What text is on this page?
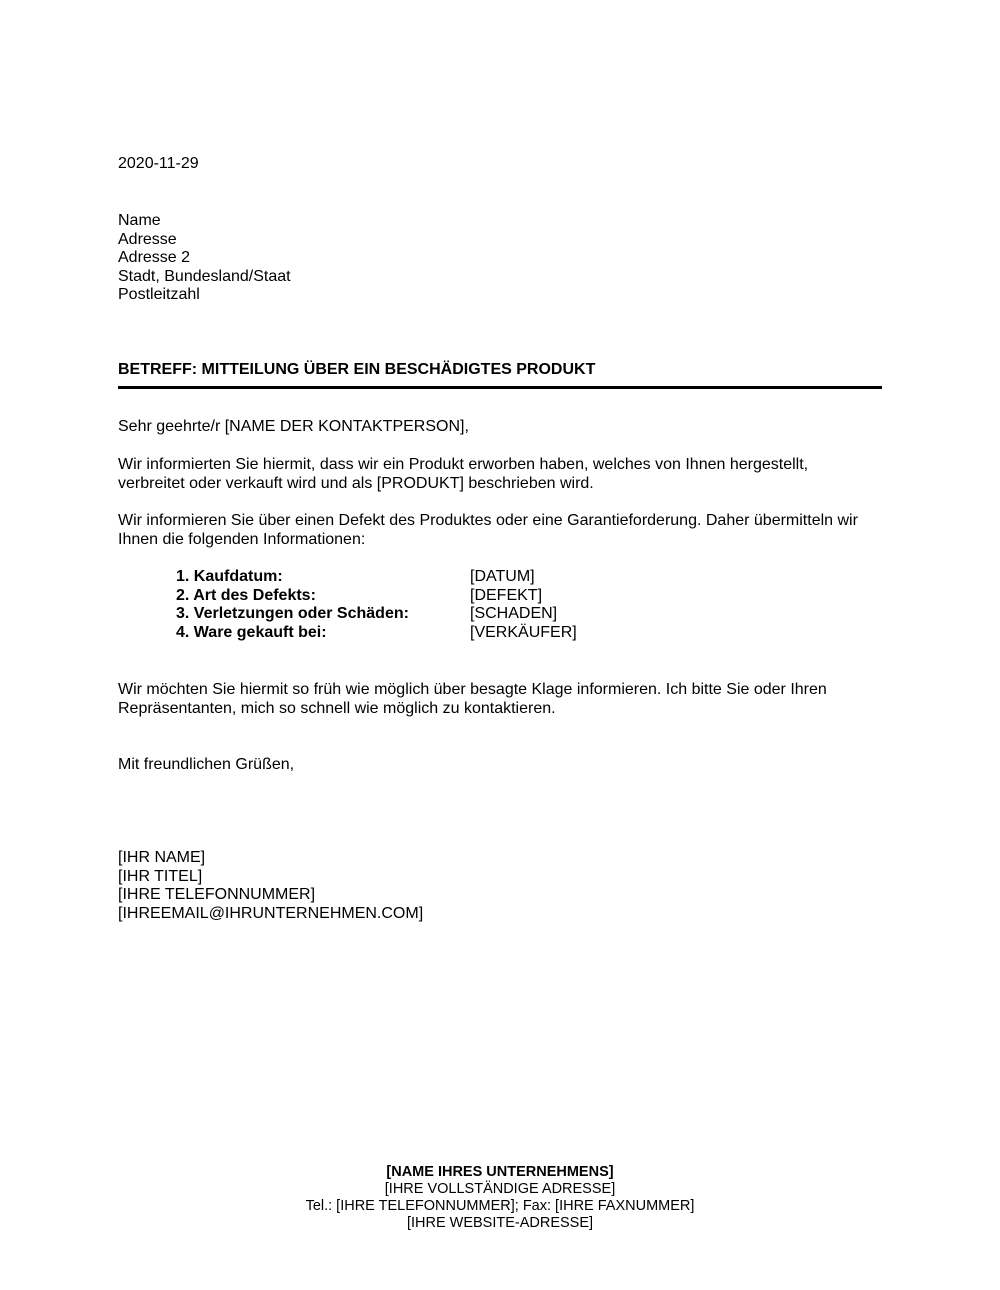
2020-11-29
Name
Adresse
Adresse 2
Stadt, Bundesland/Staat
Postleitzahl
BETREFF: MITTEILUNG ÜBER EIN BESCHÄDIGTES PRODUKT
Sehr geehrte/r [NAME DER KONTAKTPERSON],
Wir informierten Sie hiermit, dass wir ein Produkt erworben haben, welches von Ihnen hergestellt,
verbreitet oder verkauft wird und als [PRODUKT] beschrieben wird.
Wir informieren Sie über einen Defekt des Produktes oder eine Garantieforderung. Daher übermitteln wir
Ihnen die folgenden Informationen:
1. Kaufdatum:	[DATUM]
2. Art des Defekts:	[DEFEKT]
3. Verletzungen oder Schäden:	[SCHADEN]
4. Ware gekauft bei:	[VERKÄUFER]
Wir möchten Sie hiermit so früh wie möglich über besagte Klage informieren. Ich bitte Sie oder Ihren
Repräsentanten, mich so schnell wie möglich zu kontaktieren.
Mit freundlichen Grüßen,
[IHR NAME]
[IHR TITEL]
[IHRE TELEFONNUMMER]
[IHREEMAIL@IHRUNTERNEHMEN.COM]
[NAME IHRES UNTERNEHMENS]
[IHRE VOLLSTÄNDIGE ADRESSE]
Tel.: [IHRE TELEFONNUMMER]; Fax: [IHRE FAXNUMMER]
[IHRE WEBSITE-ADRESSE]
